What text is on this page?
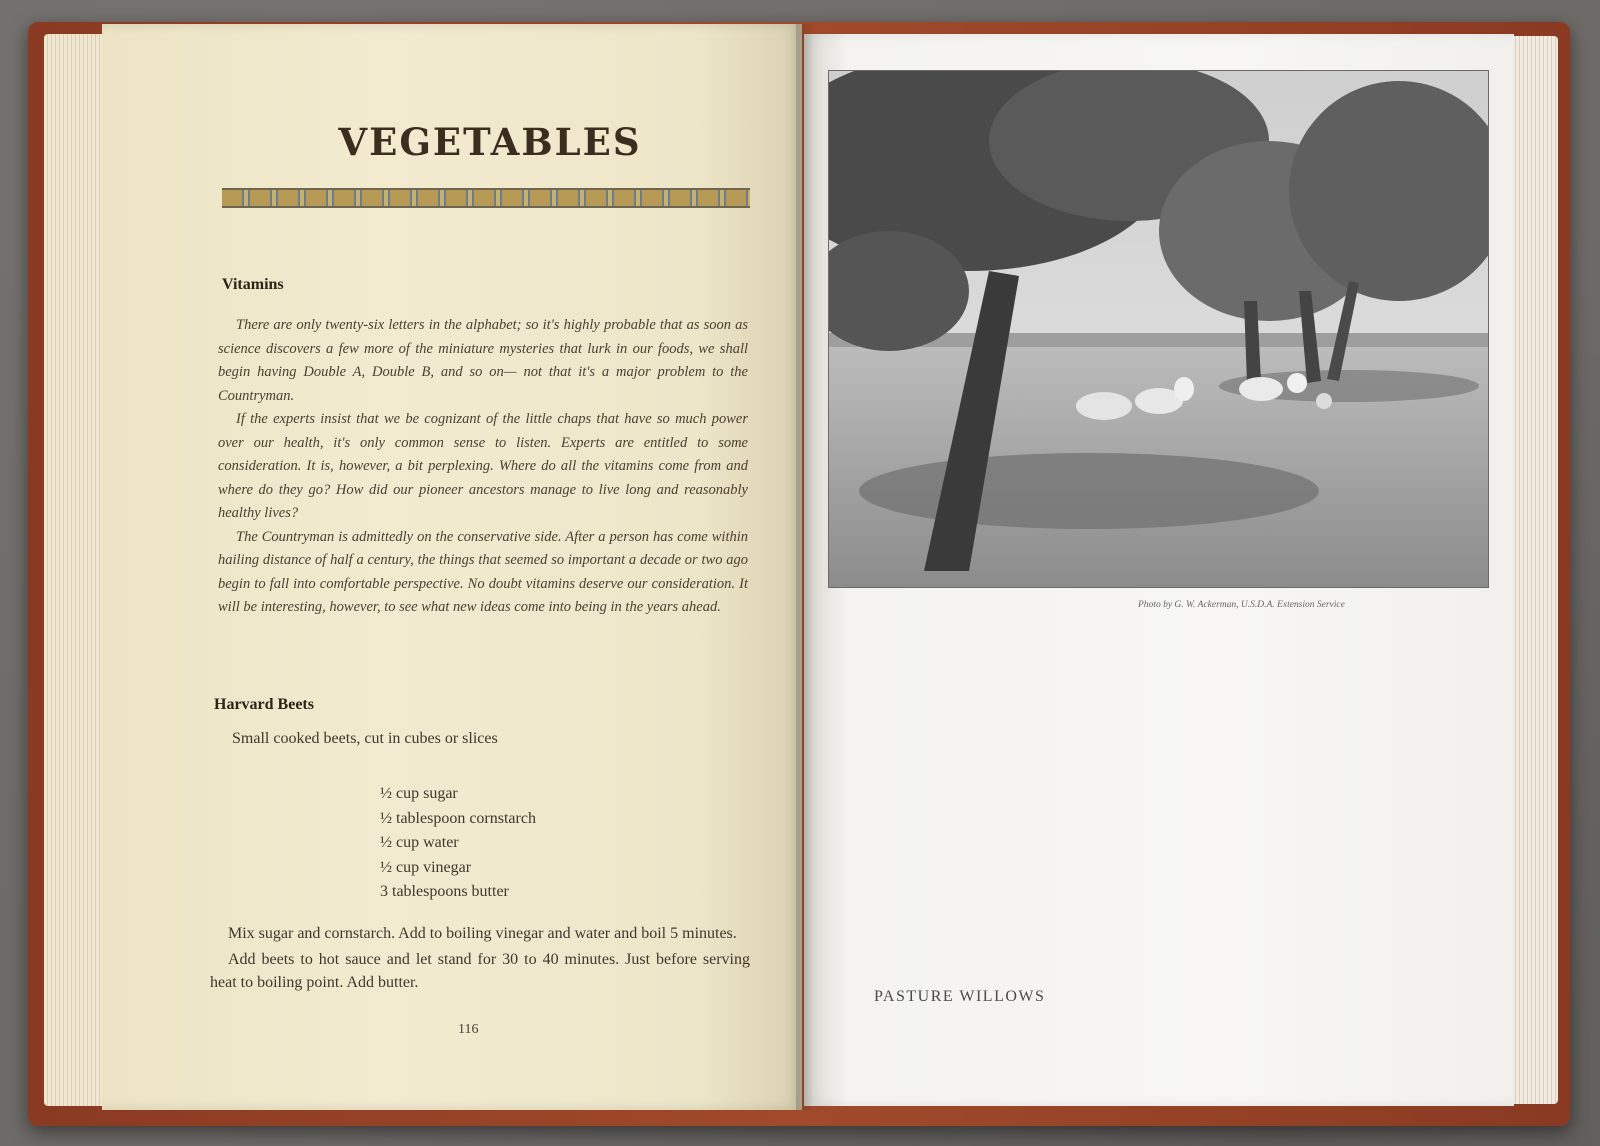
VEGETABLES
Vitamins

There are only twenty-six letters in the alphabet; so it's highly probable that as soon as science discovers a few more of the miniature mysteries that lurk in our foods, we shall begin having Double A, Double B, and so on— not that it's a major problem to the Countryman.

If the experts insist that we be cognizant of the little chaps that have so much power over our health, it's only common sense to listen. Experts are entitled to some consideration. It is, however, a bit perplexing. Where do all the vitamins come from and where do they go? How did our pioneer ancestors manage to live long and reasonably healthy lives?

The Countryman is admittedly on the conservative side. After a person has come within hailing distance of half a century, the things that seemed so important a decade or two ago begin to fall into comfortable perspective. No doubt vitamins deserve our consideration. It will be interesting, however, to see what new ideas come into being in the years ahead.

Harvard Beets
Small cooked beets, cut in cubes or slices
½ cup sugar
½ tablespoon cornstarch
½ cup water
½ cup vinegar
3 tablespoons butter

Mix sugar and cornstarch. Add to boiling vinegar and water and boil 5 minutes.

Add beets to hot sauce and let stand for 30 to 40 minutes. Just before serving heat to boiling point. Add butter.

116
Photo by G. W. Ackerman, U.S.D.A. Extension Service
PASTURE WILLOWS
